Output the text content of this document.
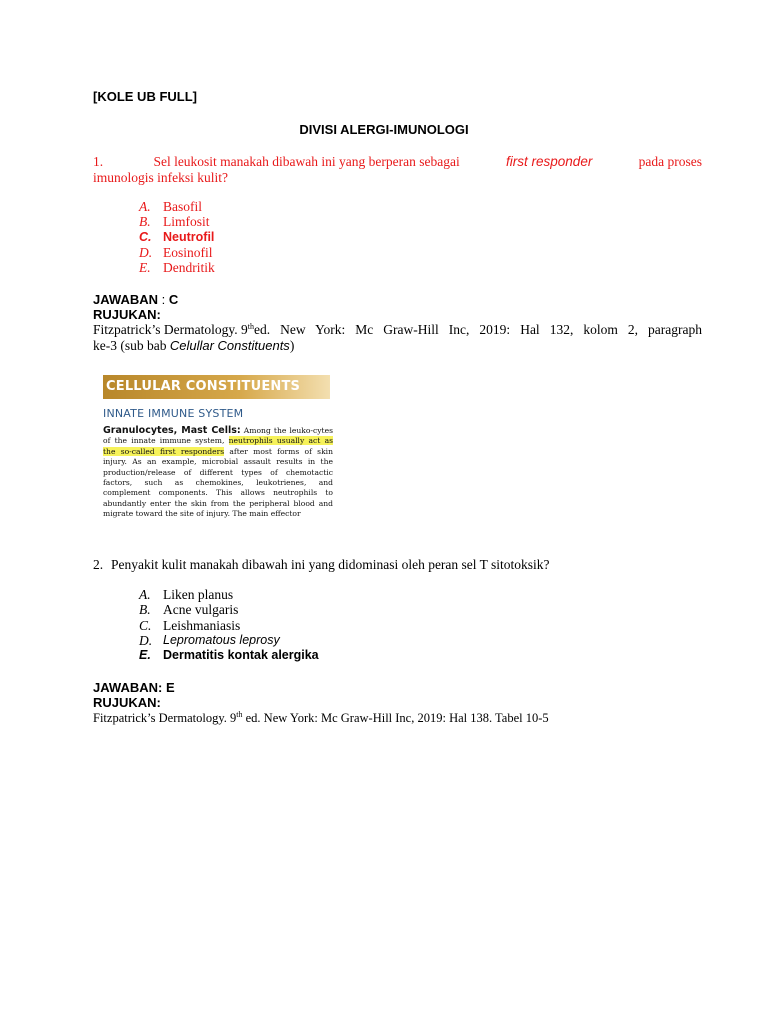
[KOLE UB FULL]
DIVISI ALERGI-IMUNOLOGI
1.	Sel leukosit manakah dibawah ini yang berperan sebagai	first responder	pada proses
imunologis infeksi kulit?
A. Basofil
B. Limfosit
C. Neutrofil
D. Eosinofil
E. Dendritik
JAWABAN : C
RUJUKAN:
Fitzpatrick’s Dermatology. 9th ed. New York: Mc Graw-Hill Inc, 2019: Hal 132, kolom 2, paragraph
ke-3 (sub bab Celullar Constituents)
CELLULAR CONSTITUENTS
INNATE IMMUNE SYSTEM
Granulocytes, Mast Cells: Among the leuko-cytes of the innate immune system, neutrophils usually act as the so-called first responders after most forms of skin injury. As an example, microbial assault results in the production/release of different types of chemotactic factors, such as chemokines, leukotrienes, and complement components. This allows neutrophils to abundantly enter the skin from the peripheral blood and migrate toward the site of injury. The main effector
2. Penyakit kulit manakah dibawah ini yang didominasi oleh peran sel T sitotoksik?
A. Liken planus
B. Acne vulgaris
C. Leishmaniasis
D. Lepromatous leprosy
E. Dermatitis kontak alergika
JAWABAN: E
RUJUKAN:
Fitzpatrick’s Dermatology. 9th ed. New York: Mc Graw-Hill Inc, 2019: Hal 138. Tabel 10-5
